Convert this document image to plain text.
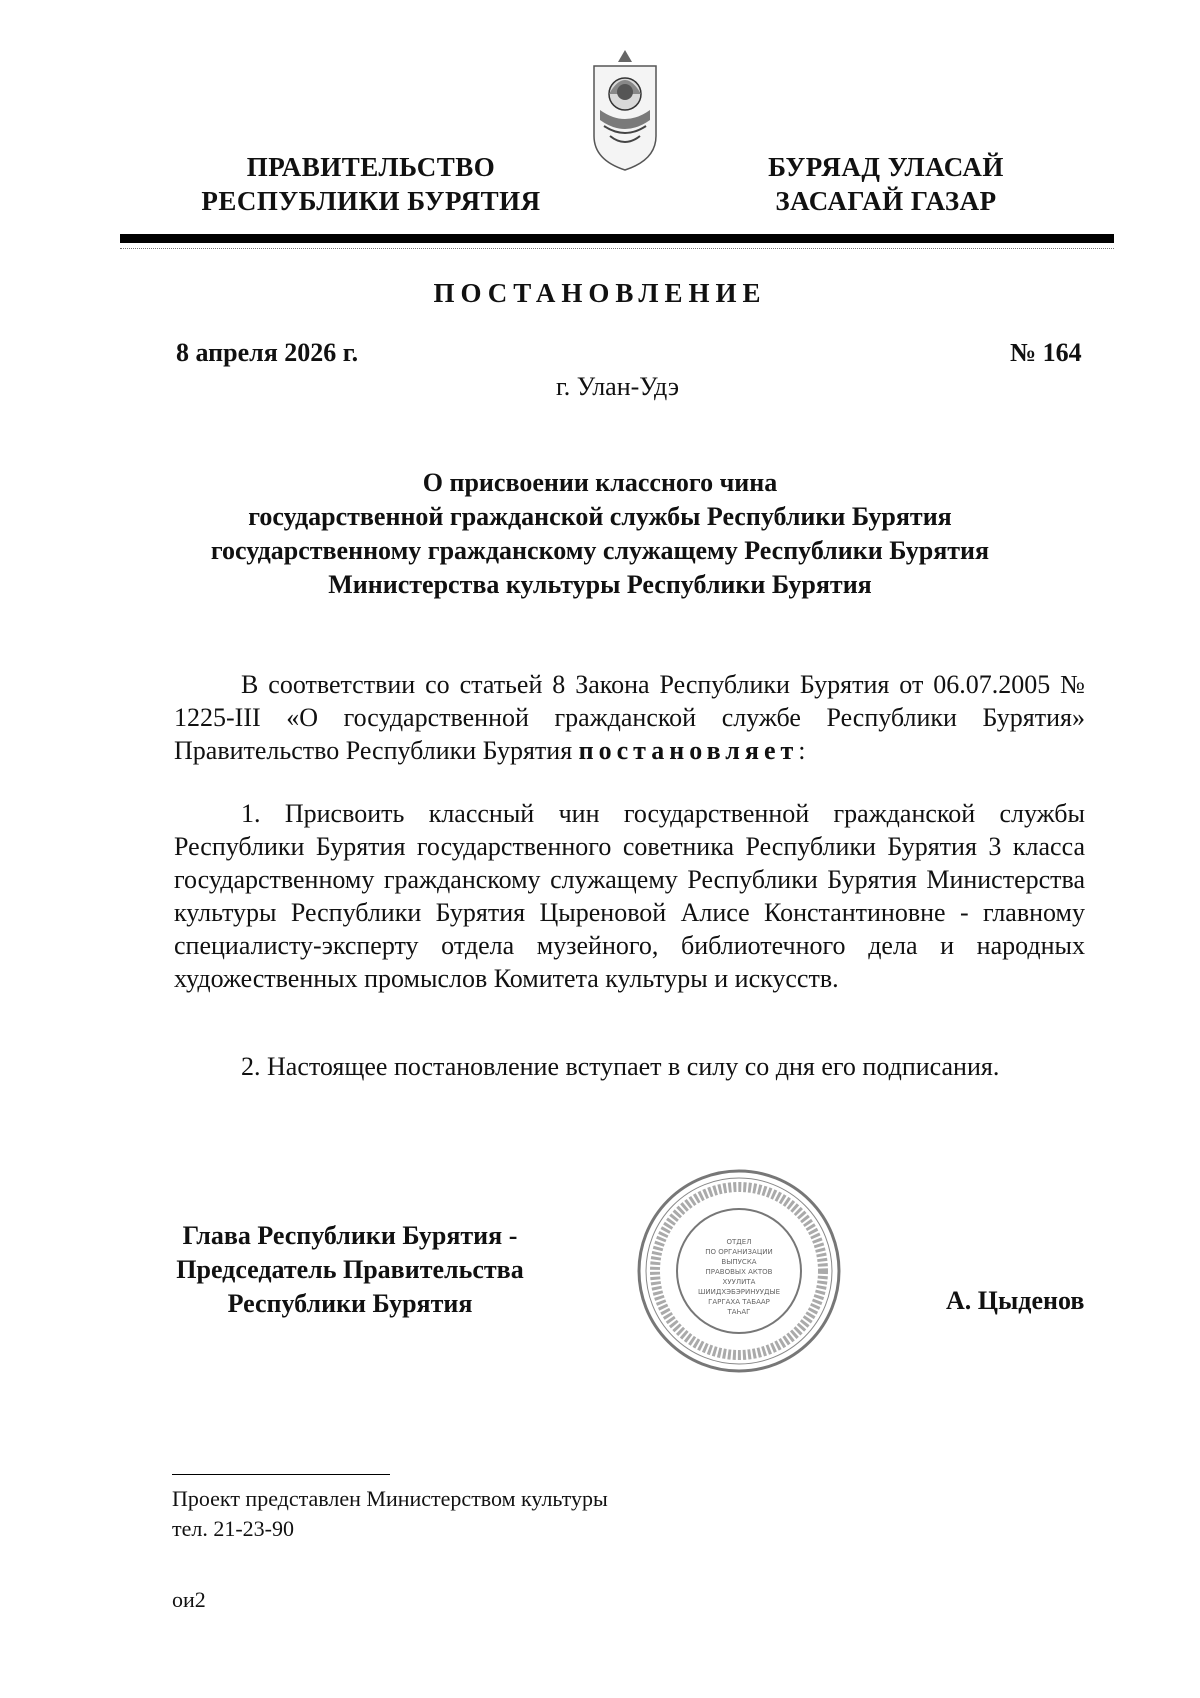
ПРАВИТЕЛЬСТВО
РЕСПУБЛИКИ БУРЯТИЯ
БУРЯАД УЛАСАЙ
ЗАСАГАЙ ГАЗАР
ПОСТАНОВЛЕНИЕ
8 апреля 2026 г.	№ 164
г. Улан-Удэ
О присвоении классного чина
государственной гражданской службы Республики Бурятия
государственному гражданскому служащему Республики Бурятия
Министерства культуры Республики Бурятия

В соответствии со статьей 8 Закона Республики Бурятия от 06.07.2005 № 1225-III «О государственной гражданской службе Республики Бурятия» Правительство Республики Бурятия постановляет:

1. Присвоить классный чин государственной гражданской службы Республики Бурятия государственного советника Республики Бурятия 3 класса государственному гражданскому служащему Республики Бурятия Министерства культуры Республики Бурятия Цыреновой Алисе Константиновне - главному специалисту-эксперту отдела музейного, библиотечного дела и народных художественных промыслов Комитета культуры и искусств.

2. Настоящее постановление вступает в силу со дня его подписания.

Глава Республики Бурятия -
Председатель Правительства
Республики Бурятия
ОТДЕЛ
ПО ОРГАНИЗАЦИИ
ВЫПУСКА
ПРАВОВЫХ АКТОВ
ХУУЛИТА
ШИИДХЭБЭРИНУУДЫЕ
ГАРГАХА ТАБААР
ТАҺАГ	А. Цыденов
Проект представлен Министерством культуры
тел. 21-23-90
ои2
